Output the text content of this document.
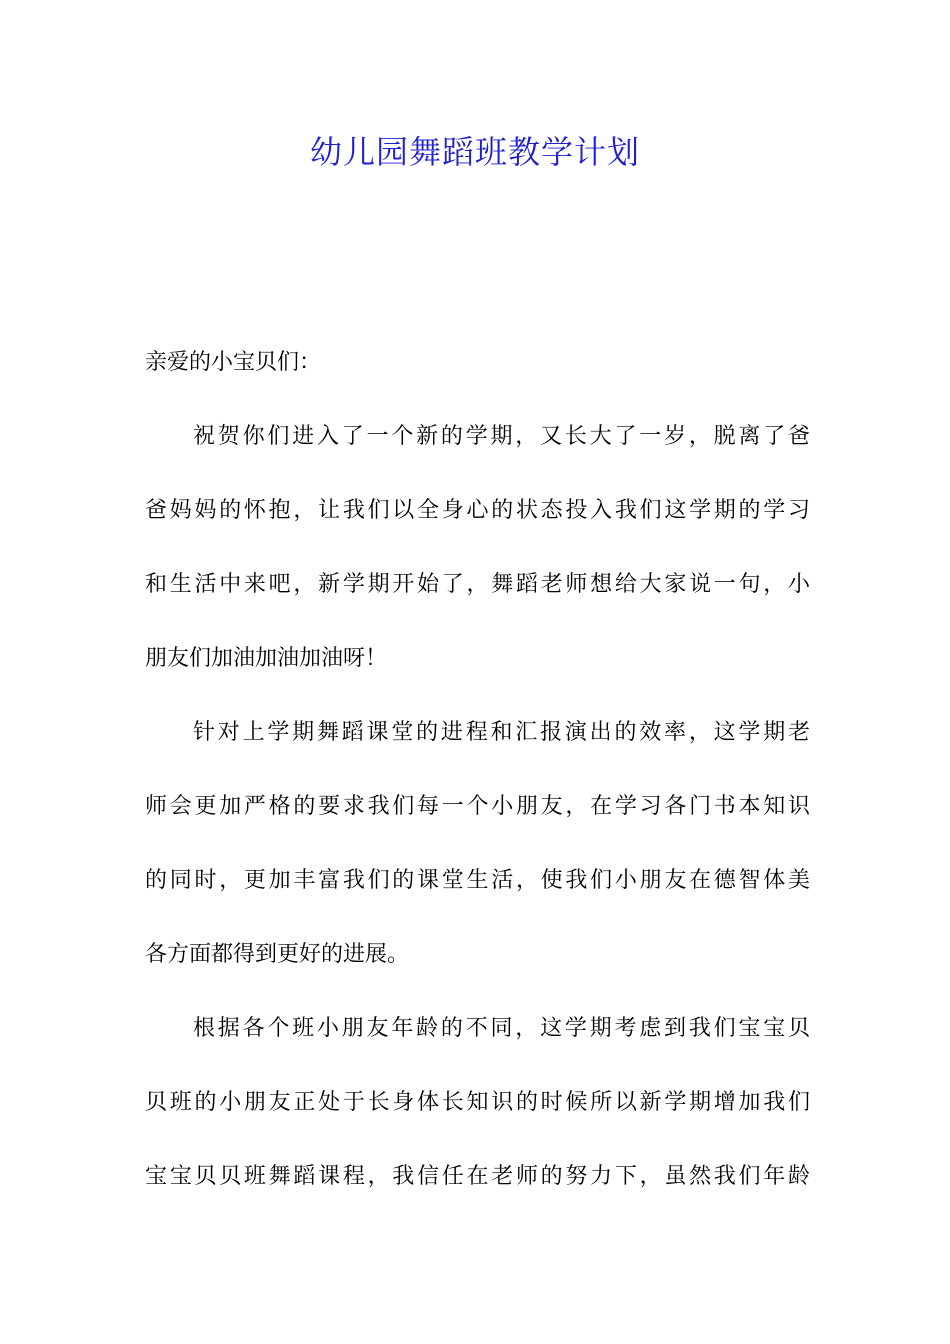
幼儿园舞蹈班教学计划
亲爱的小宝贝们：

祝贺你们进入了一个新的学期，又长大了一岁，脱离了爸
爸妈妈的怀抱，让我们以全身心的状态投入我们这学期的学习
和生活中来吧，新学期开始了，舞蹈老师想给大家说一句，小
朋友们加油加油加油呀！

针对上学期舞蹈课堂的进程和汇报演出的效率，这学期老
师会更加严格的要求我们每一个小朋友，在学习各门书本知识
的同时，更加丰富我们的课堂生活，使我们小朋友在德智体美
各方面都得到更好的进展。

根据各个班小朋友年龄的不同，这学期考虑到我们宝宝贝
贝班的小朋友正处于长身体长知识的时候所以新学期增加我们
宝宝贝贝班舞蹈课程，我信任在老师的努力下，虽然我们年龄
